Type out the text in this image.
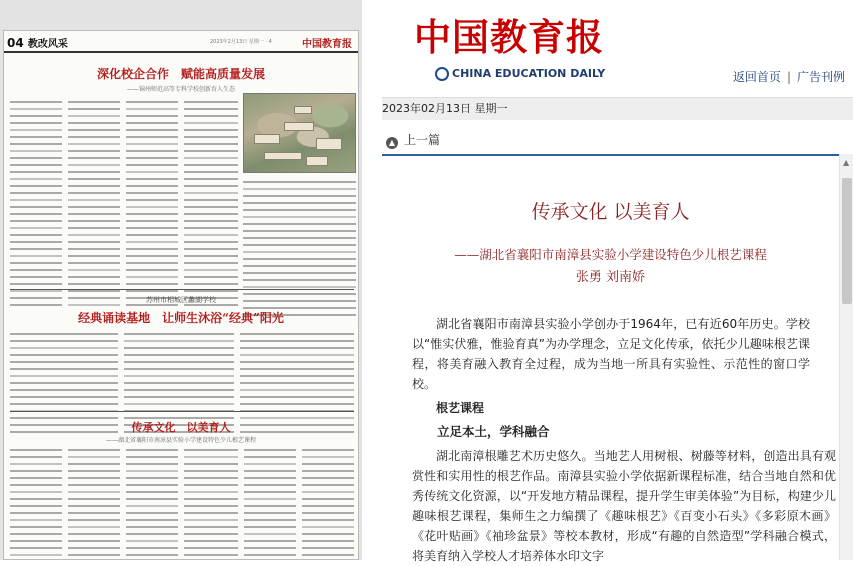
04 教改风采	2023年2月13日 星期一 · 4	中国教育报
深化校企合作　赋能高质量发展
——锦州师范高等专科学校创新育人生态
苏州市相城区蠡湖学校
经典诵读基地　让师生沐浴“经典”阳光
传承文化　以美育人
——湖北省襄阳市南漳县实验小学建设特色少儿根艺课程
中国教育报
CHINA EDUCATION DAILY	返回首页 | 广告刊例
2023年02月13日 星期一
▲ 上一篇
▲
传承文化 以美育人
——湖北省襄阳市南漳县实验小学建设特色少儿根艺课程
张勇 刘南娇

湖北省襄阳市南漳县实验小学创办于1964年，已有近60年历史。学校以“惟实伏雅，惟验育真”为办学理念，立足文化传承，依托少儿趣味根艺课程，将美育融入教育全过程，成为当地一所具有实验性、示范性的窗口学校。

根艺课程
立足本土，学科融合

湖北南漳根雕艺术历史悠久。当地艺人用树根、树藤等材料，创造出具有观赏性和实用性的根艺作品。南漳县实验小学依据新课程标准，结合当地自然和优秀传统文化资源，以“开发地方精品课程，提升学生审美体验”为目标，构建少儿趣味根艺课程，集师生之力编撰了《趣味根艺》《百变小石头》《多彩原木画》《花叶贴画》《袖珍盆景》等校本教材，形成“有趣的自然造型”学科融合模式，将美育纳入学校人才培养体水印文字
